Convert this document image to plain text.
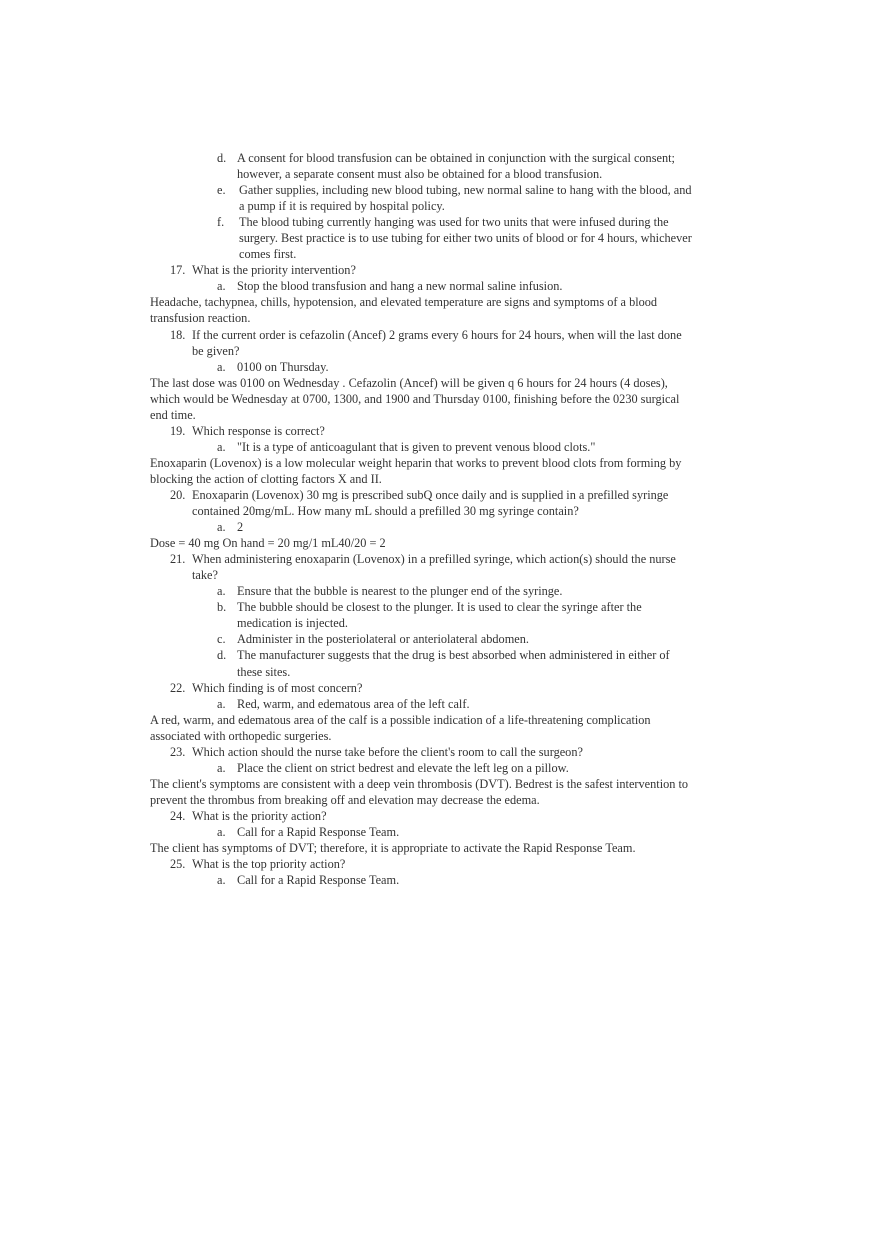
d. A consent for blood transfusion can be obtained in conjunction with the surgical consent; however, a separate consent must also be obtained for a blood transfusion.
e.	Gather supplies, including new blood tubing, new normal saline to hang with the blood, and a pump if it is required by hospital policy.
f.	The blood tubing currently hanging was used for two units that were infused during the surgery. Best practice is to use tubing for either two units of blood or for 4 hours, whichever comes first.
17. What is the priority intervention?
a. Stop the blood transfusion and hang a new normal saline infusion.

Headache, tachypnea, chills, hypotension, and elevated temperature are signs and symptoms of a blood transfusion reaction.

18. If the current order is cefazolin (Ancef) 2 grams every 6 hours for 24 hours, when will the last done be given?
a. 0100 on Thursday.

The last dose was 0100 on Wednesday . Cefazolin (Ancef) will be given q 6 hours for 24 hours (4 doses), which would be Wednesday at 0700, 1300, and 1900 and Thursday 0100, finishing before the 0230 surgical end time.

19. Which response is correct?
a. "It is a type of anticoagulant that is given to prevent venous blood clots."

Enoxaparin (Lovenox) is a low molecular weight heparin that works to prevent blood clots from forming by blocking the action of clotting factors X and II.

20. Enoxaparin (Lovenox) 30 mg is prescribed subQ once daily and is supplied in a prefilled syringe contained 20mg/mL. How many mL should a prefilled 30 mg syringe contain?
a. 2

Dose = 40 mg On hand = 20 mg/1 mL40/20 = 2

21. When administering enoxaparin (Lovenox) in a prefilled syringe, which action(s) should the nurse take?
a. Ensure that the bubble is nearest to the plunger end of the syringe.
b. The bubble should be closest to the plunger. It is used to clear the syringe after the medication is injected.
c. Administer in the posteriolateral or anteriolateral abdomen.
d. The manufacturer suggests that the drug is best absorbed when administered in either of these sites.
22. Which finding is of most concern?
a. Red, warm, and edematous area of the left calf.

A red, warm, and edematous area of the calf is a possible indication of a life-threatening complication associated with orthopedic surgeries.

23. Which action should the nurse take before the client's room to call the surgeon?
a. Place the client on strict bedrest and elevate the left leg on a pillow.

The client's symptoms are consistent with a deep vein thrombosis (DVT). Bedrest is the safest intervention to prevent the thrombus from breaking off and elevation may decrease the edema.

24. What is the priority action?
a. Call for a Rapid Response Team.

The client has symptoms of DVT; therefore, it is appropriate to activate the Rapid Response Team.

25. What is the top priority action?
a. Call for a Rapid Response Team.
